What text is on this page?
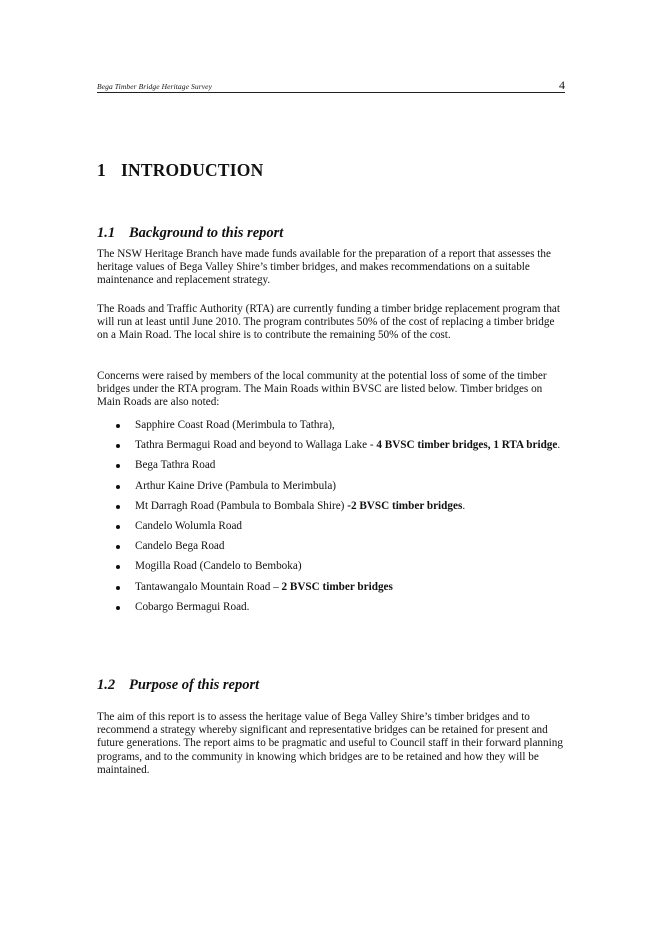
Bega Timber Bridge Heritage Survey	4
1 INTRODUCTION
1.1 Background to this report

The NSW Heritage Branch have made funds available for the preparation of a report that assesses the heritage values of Bega Valley Shire’s timber bridges, and makes recommendations on a suitable maintenance and replacement strategy.

The Roads and Traffic Authority (RTA) are currently funding a timber bridge replacement program that will run at least until June 2010. The program contributes 50% of the cost of replacing a timber bridge on a Main Road. The local shire is to contribute the remaining 50% of the cost.

Concerns were raised by members of the local community at the potential loss of some of the timber bridges under the RTA program. The Main Roads within BVSC are listed below. Timber bridges on Main Roads are also noted:

Sapphire Coast Road (Merimbula to Tathra),
Tathra Bermagui Road and beyond to Wallaga Lake - 4 BVSC timber bridges, 1 RTA bridge.
Bega Tathra Road
Arthur Kaine Drive (Pambula to Merimbula)
Mt Darragh Road (Pambula to Bombala Shire) -2 BVSC timber bridges.
Candelo Wolumla Road
Candelo Bega Road
Mogilla Road (Candelo to Bemboka)
Tantawangalo Mountain Road – 2 BVSC timber bridges
Cobargo Bermagui Road.
1.2 Purpose of this report

The aim of this report is to assess the heritage value of Bega Valley Shire’s timber bridges and to recommend a strategy whereby significant and representative bridges can be retained for present and future generations. The report aims to be pragmatic and useful to Council staff in their forward planning programs, and to the community in knowing which bridges are to be retained and how they will be maintained.
